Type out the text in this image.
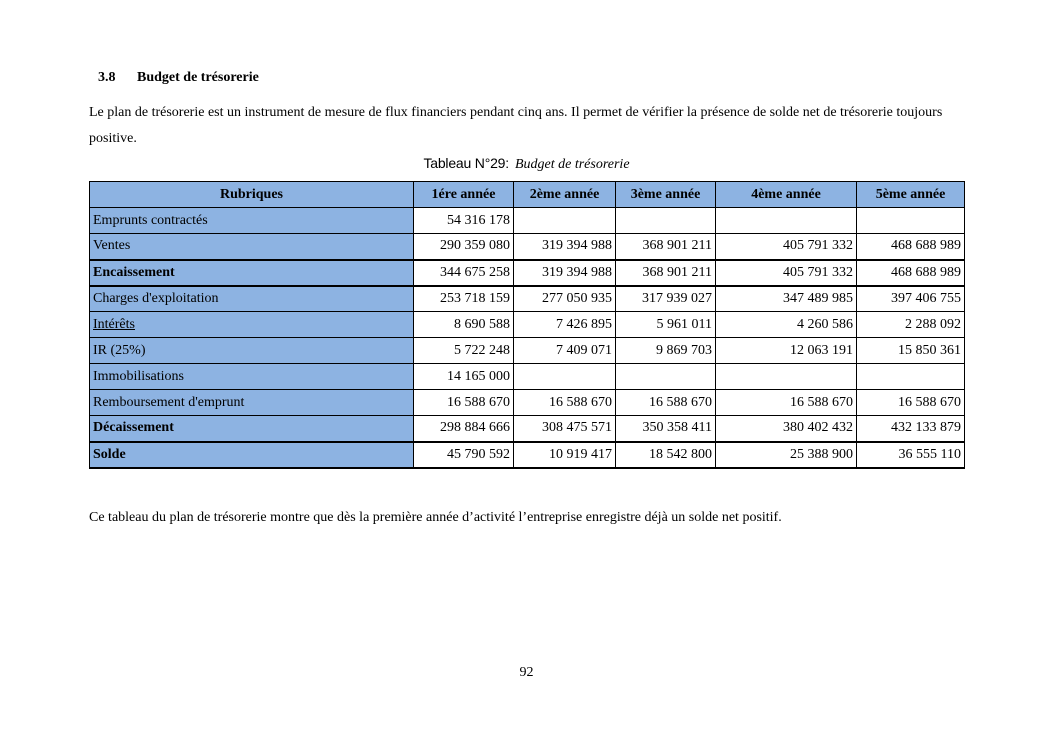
3.8 Budget de trésorerie
Le plan de trésorerie est un instrument de mesure de flux financiers pendant cinq ans. Il permet de vérifier la présence de solde net de trésorerie toujours positive.
Tableau N°29: Budget de trésorerie
Rubriques	1ére année	2ème année	3ème année	4ème année	5ème année
Emprunts contractés	54 316 178				
Ventes	290 359 080	319 394 988	368 901 211	405 791 332	468 688 989
Encaissement	344 675 258	319 394 988	368 901 211	405 791 332	468 688 989
Charges d'exploitation	253 718 159	277 050 935	317 939 027	347 489 985	397 406 755
Intérêts	8 690 588	7 426 895	5 961 011	4 260 586	2 288 092
IR (25%)	5 722 248	7 409 071	9 869 703	12 063 191	15 850 361
Immobilisations	14 165 000				
Remboursement d'emprunt	16 588 670	16 588 670	16 588 670	16 588 670	16 588 670
Décaissement	298 884 666	308 475 571	350 358 411	380 402 432	432 133 879
Solde	45 790 592	10 919 417	18 542 800	25 388 900	36 555 110
Ce tableau du plan de trésorerie montre que dès la première année d’activité l’entreprise enregistre déjà un solde net positif.
92
